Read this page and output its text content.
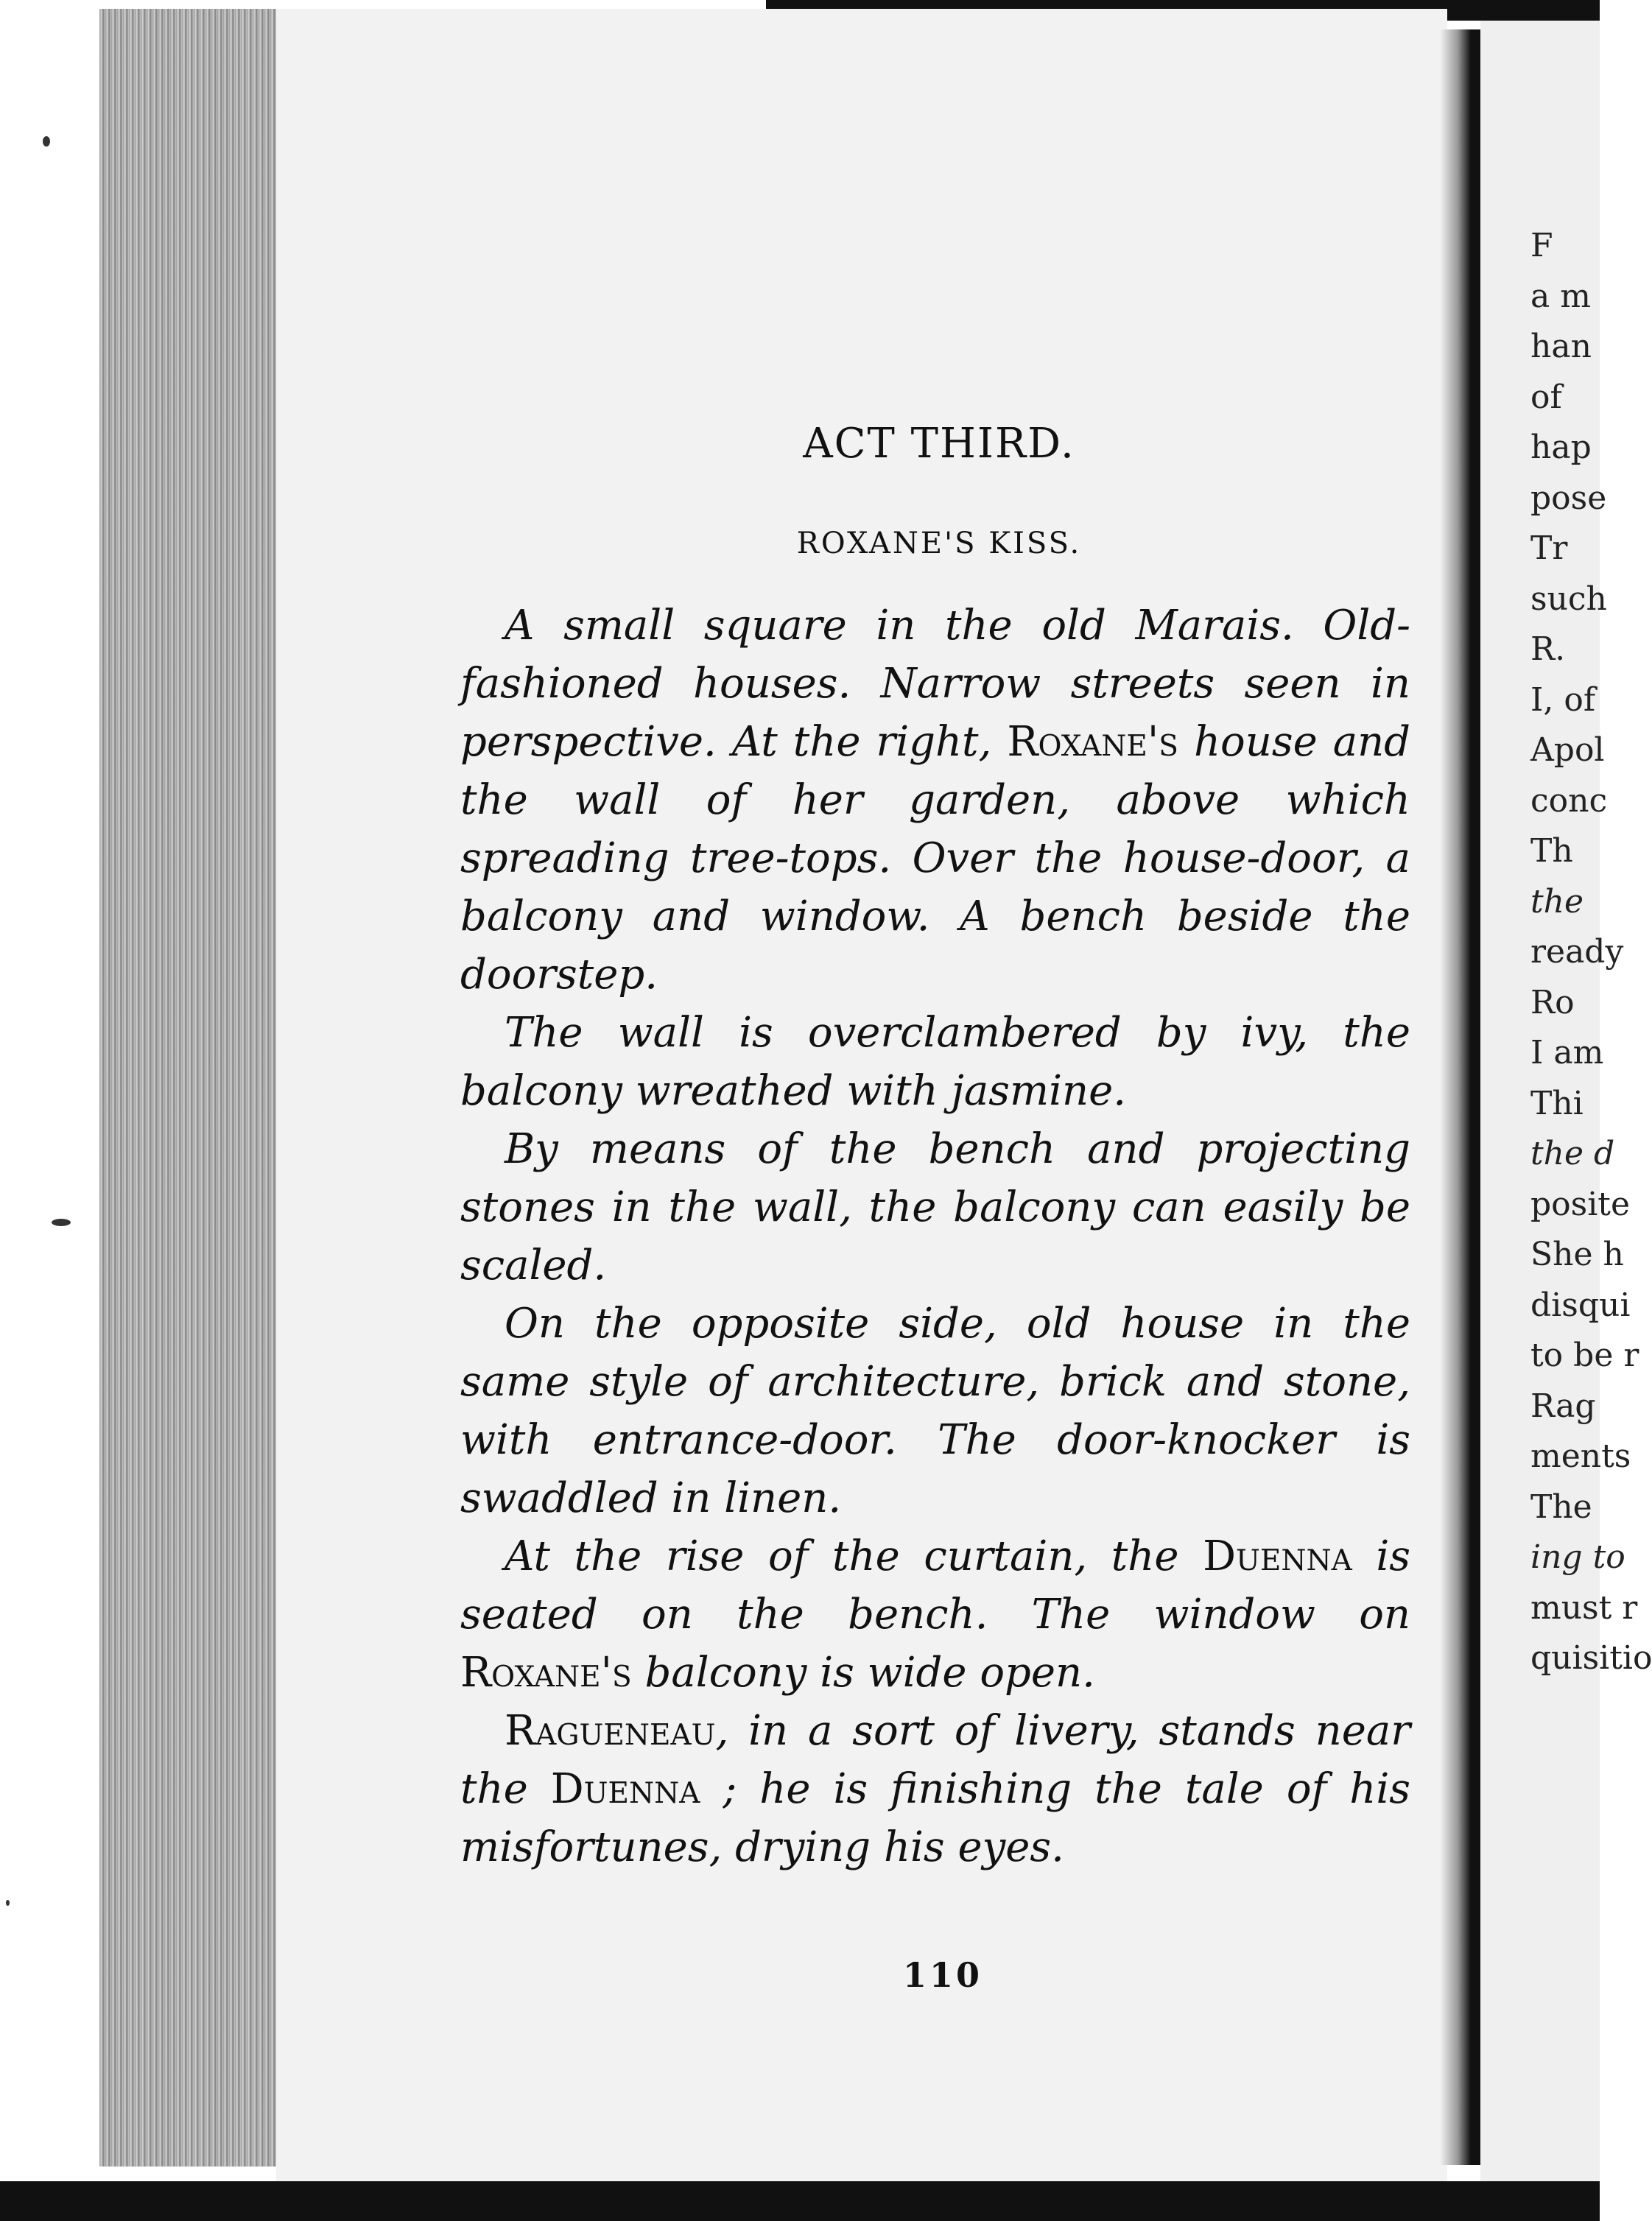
ACT THIRD.
ROXANE'S KISS.

A small square in the old Marais. Old-fashioned houses. Narrow streets seen in perspective. At the right, Roxane's house and the wall of her garden, above which spreading tree-tops. Over the house-door, a balcony and window. A bench beside the doorstep.

The wall is overclambered by ivy, the balcony wreathed with jasmine.

By means of the bench and projecting stones in the wall, the balcony can easily be scaled.

On the opposite side, old house in the same style of architecture, brick and stone, with entrance-door. The door-knocker is swaddled in linen.

At the rise of the curtain, the Duenna is seated on the bench. The window on Roxane's balcony is wide open.

Ragueneau, in a sort of livery, stands near the Duenna ; he is finishing the tale of his misfortunes, drying his eyes.

110
F
a m
han
of
hap
pose
Tr
such
R.
I, of
Apol
conc
Th
the
ready
Ro
I am
Thi
the d
posite
She h
disqui
to be r
Rag
ments
The
ing to
must r
quisitio
